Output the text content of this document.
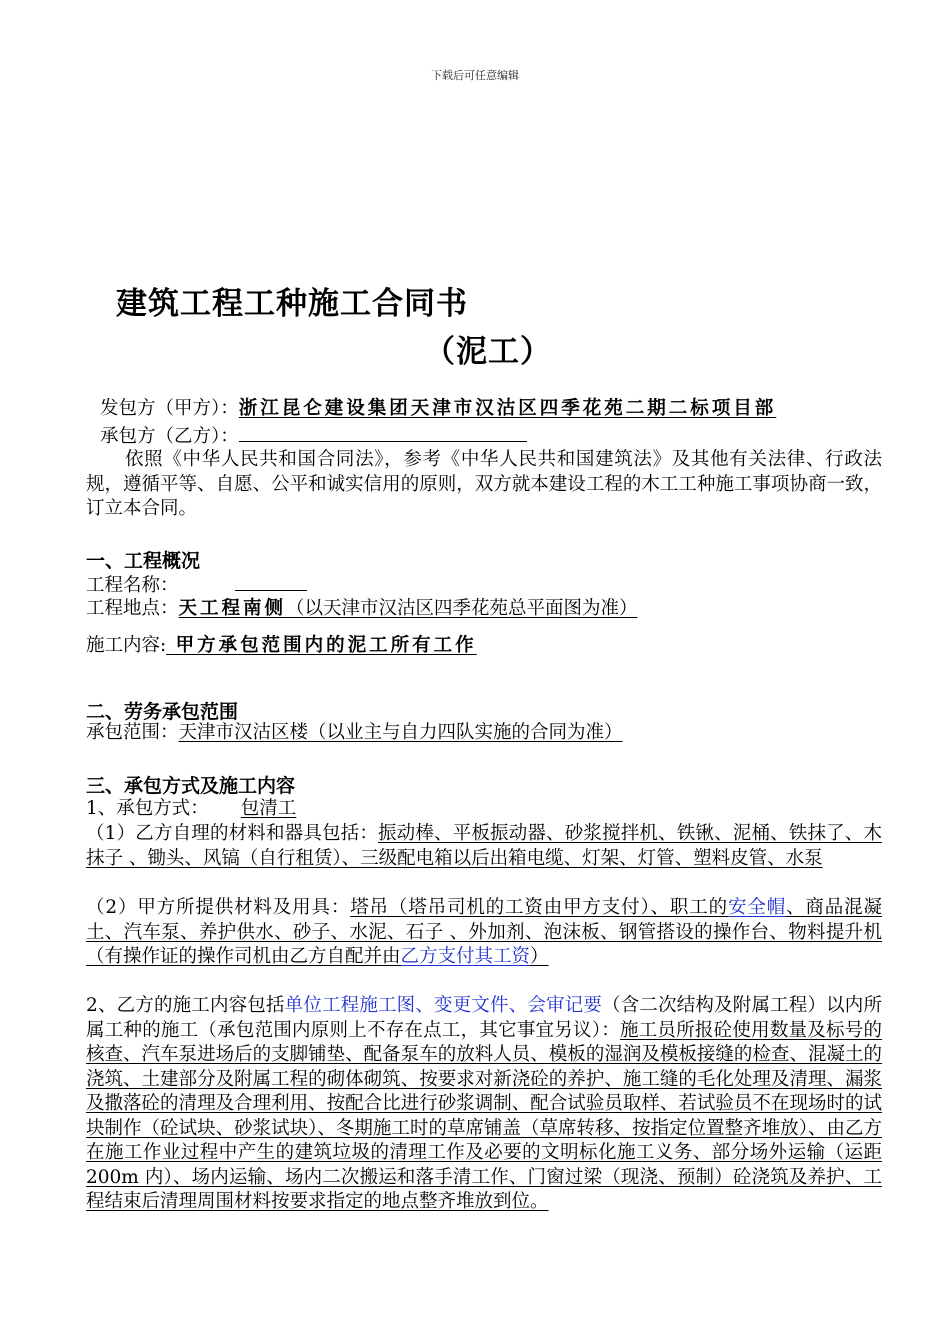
下载后可任意编辑
建筑工程工种施工合同书
（泥工）
发包方（甲方）：浙江昆仑建设集团天津市汉沽区四季花苑二期二标项目部
承包方（乙方）：
依照《中华人民共和国合同法》，参考《中华人民共和国建筑法》及其他有关法律、行政法规，遵循平等、自愿、公平和诚实信用的原则，双方就本建设工程的木工工种施工事项协商一致，订立本合同。
一、工程概况
工程名称：
工程地点：天工程南侧（以天津市汉沽区四季花苑总平面图为准）
施工内容: 甲方承包范围内的泥工所有工作
二、劳务承包范围
承包范围：天津市汉沽区楼（以业主与自力四队实施的合同为准）
三、承包方式及施工内容
1、承包方式： 包清工
（1）乙方自理的材料和器具包括：振动棒、平板振动器、砂浆搅拌机、铁锹、泥桶、铁抹了、木抹子 、锄头、风镐（自行租赁）、三级配电箱以后出箱电缆、灯架、灯管、塑料皮管、水泵
（2）甲方所提供材料及用具：塔吊（塔吊司机的工资由甲方支付）、职工的安全帽、商品混凝土、汽车泵、养护供水、砂子、水泥、石子 、外加剂、泡沫板、钢管搭设的操作台、物料提升机（有操作证的操作司机由乙方自配并由乙方支付其工资）
2、乙方的施工内容包括单位工程施工图、变更文件、会审记要（含二次结构及附属工程）以内所属工种的施工（承包范围内原则上不存在点工，其它事宜另议）：施工员所报砼使用数量及标号的核查、汽车泵进场后的支脚铺垫、配备泵车的放料人员、模板的湿润及模板接缝的检查、混凝土的浇筑、土建部分及附属工程的砌体砌筑、按要求对新浇砼的养护、施工缝的毛化处理及清理、漏浆及撒落砼的清理及合理利用、按配合比进行砂浆调制、配合试验员取样、若试验员不在现场时的试块制作（砼试块、砂浆试块）、冬期施工时的草席铺盖（草席转移、按指定位置整齐堆放）、由乙方在施工作业过程中产生的建筑垃圾的清理工作及必要的文明标化施工义务、部分场外运输（运距200m 内）、场内运输、场内二次搬运和落手清工作、门窗过梁（现浇、预制）砼浇筑及养护、工程结束后清理周围材料按要求指定的地点整齐堆放到位。
